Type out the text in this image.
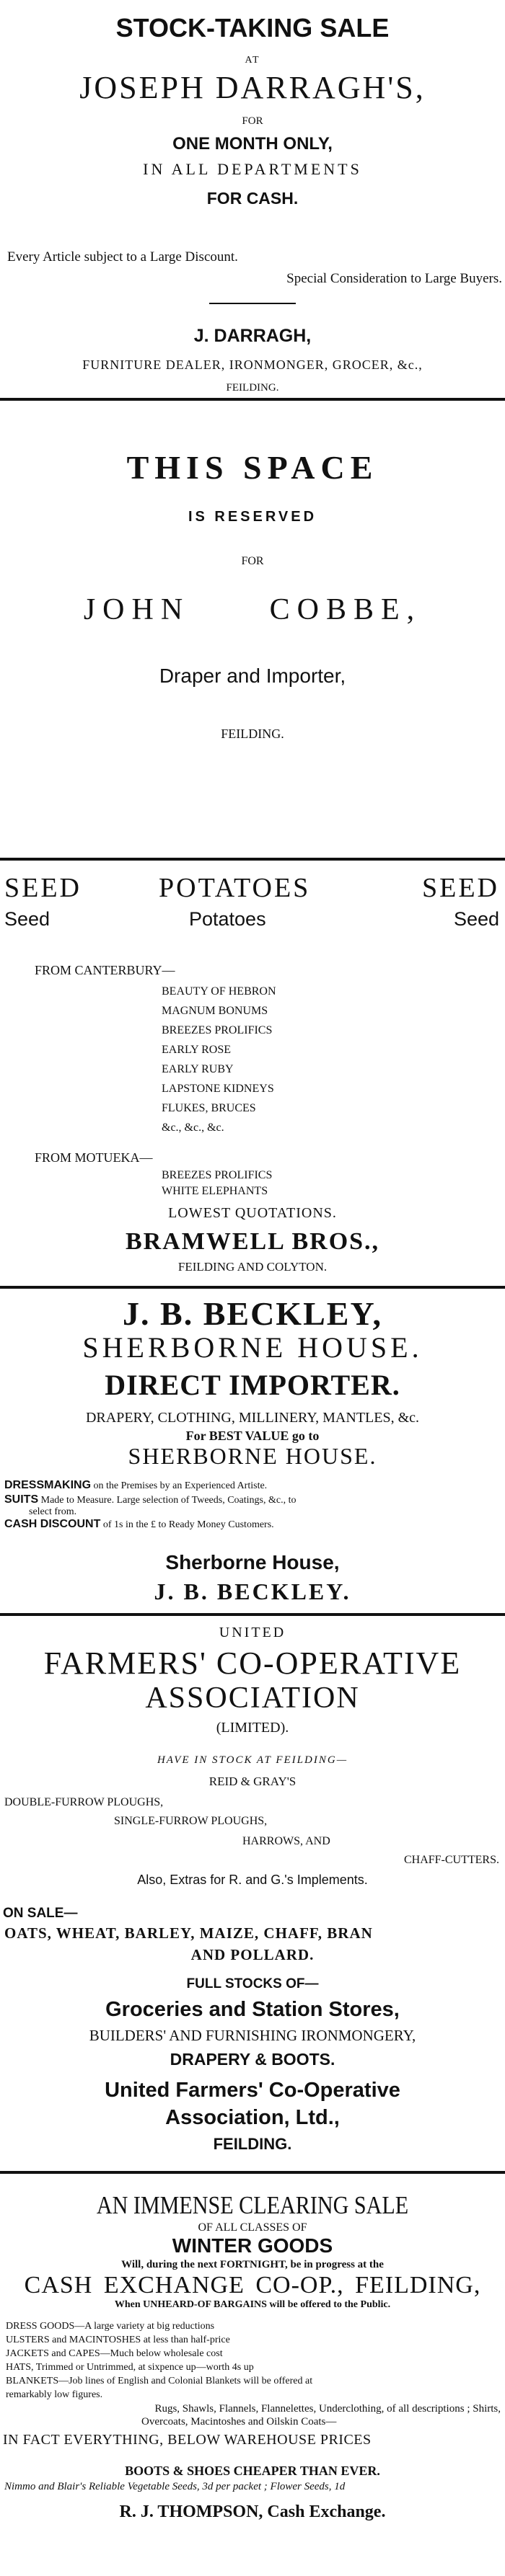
STOCK-TAKING SALE
AT
JOSEPH DARRAGH'S,
FOR
ONE MONTH ONLY,
IN ALL DEPARTMENTS
FOR CASH.
Every Article subject to a Large Discount.
Special Consideration to Large Buyers.
J. DARRAGH,
FURNITURE DEALER, IRONMONGER, GROCER, &c.,
FEILDING.
THIS SPACE
IS RESERVED
FOR
JOHN COBBE,
Draper and Importer,
FEILDING.
SEED	POTATOES	SEED
Seed	Potatoes	Seed
FROM CANTERBURY—
BEAUTY OF HEBRON
MAGNUM BONUMS
BREEZES PROLIFICS
EARLY ROSE
EARLY RUBY
LAPSTONE KIDNEYS
FLUKES, BRUCES
&c., &c., &c.
FROM MOTUEKA—
BREEZES PROLIFICS
WHITE ELEPHANTS
LOWEST QUOTATIONS.
BRAMWELL BROS.,
FEILDING AND COLYTON.
J. B. BECKLEY,
SHERBORNE HOUSE.
DIRECT IMPORTER.
DRAPERY, CLOTHING, MILLINERY, MANTLES, &c.
For BEST VALUE go to
SHERBORNE HOUSE.
DRESSMAKING on the Premises by an Experienced Artiste.
SUITS Made to Measure. Large selection of Tweeds, Coatings, &c., to
select from.
CASH DISCOUNT of 1s in the £ to Ready Money Customers.
Sherborne House,
J. B. BECKLEY.
UNITED
FARMERS' CO-OPERATIVE
ASSOCIATION
(LIMITED).
HAVE IN STOCK AT FEILDING—
REID & GRAY'S
DOUBLE-FURROW PLOUGHS,
SINGLE-FURROW PLOUGHS,
HARROWS, AND
CHAFF-CUTTERS.
Also, Extras for R. and G.'s Implements.
ON SALE—
OATS, WHEAT, BARLEY, MAIZE, CHAFF, BRAN
AND POLLARD.
FULL STOCKS OF—
Groceries and Station Stores,
BUILDERS' AND FURNISHING IRONMONGERY,
DRAPERY & BOOTS.
United Farmers' Co-Operative
Association, Ltd.,
FEILDING.
AN IMMENSE CLEARING SALE
OF ALL CLASSES OF
WINTER GOODS
Will, during the next FORTNIGHT, be in progress at the
CASH EXCHANGE CO-OP., FEILDING,
When UNHEARD-OF BARGAINS will be offered to the Public.
DRESS GOODS—A large variety at big reductions
ULSTERS and MACINTOSHES at less than half-price
JACKETS and CAPES—Much below wholesale cost
HATS, Trimmed or Untrimmed, at sixpence up—worth 4s up
BLANKETS—Job lines of English and Colonial Blankets will be offered at
remarkably low figures.
Rugs, Shawls, Flannels, Flannelettes, Underclothing, of all descriptions ; Shirts,
Overcoats, Macintoshes and Oilskin Coats—
IN FACT EVERYTHING, BELOW WAREHOUSE PRICES
BOOTS & SHOES CHEAPER THAN EVER.
Nimmo and Blair's Reliable Vegetable Seeds, 3d per packet ; Flower Seeds, 1d
R. J. THOMPSON, Cash Exchange.
